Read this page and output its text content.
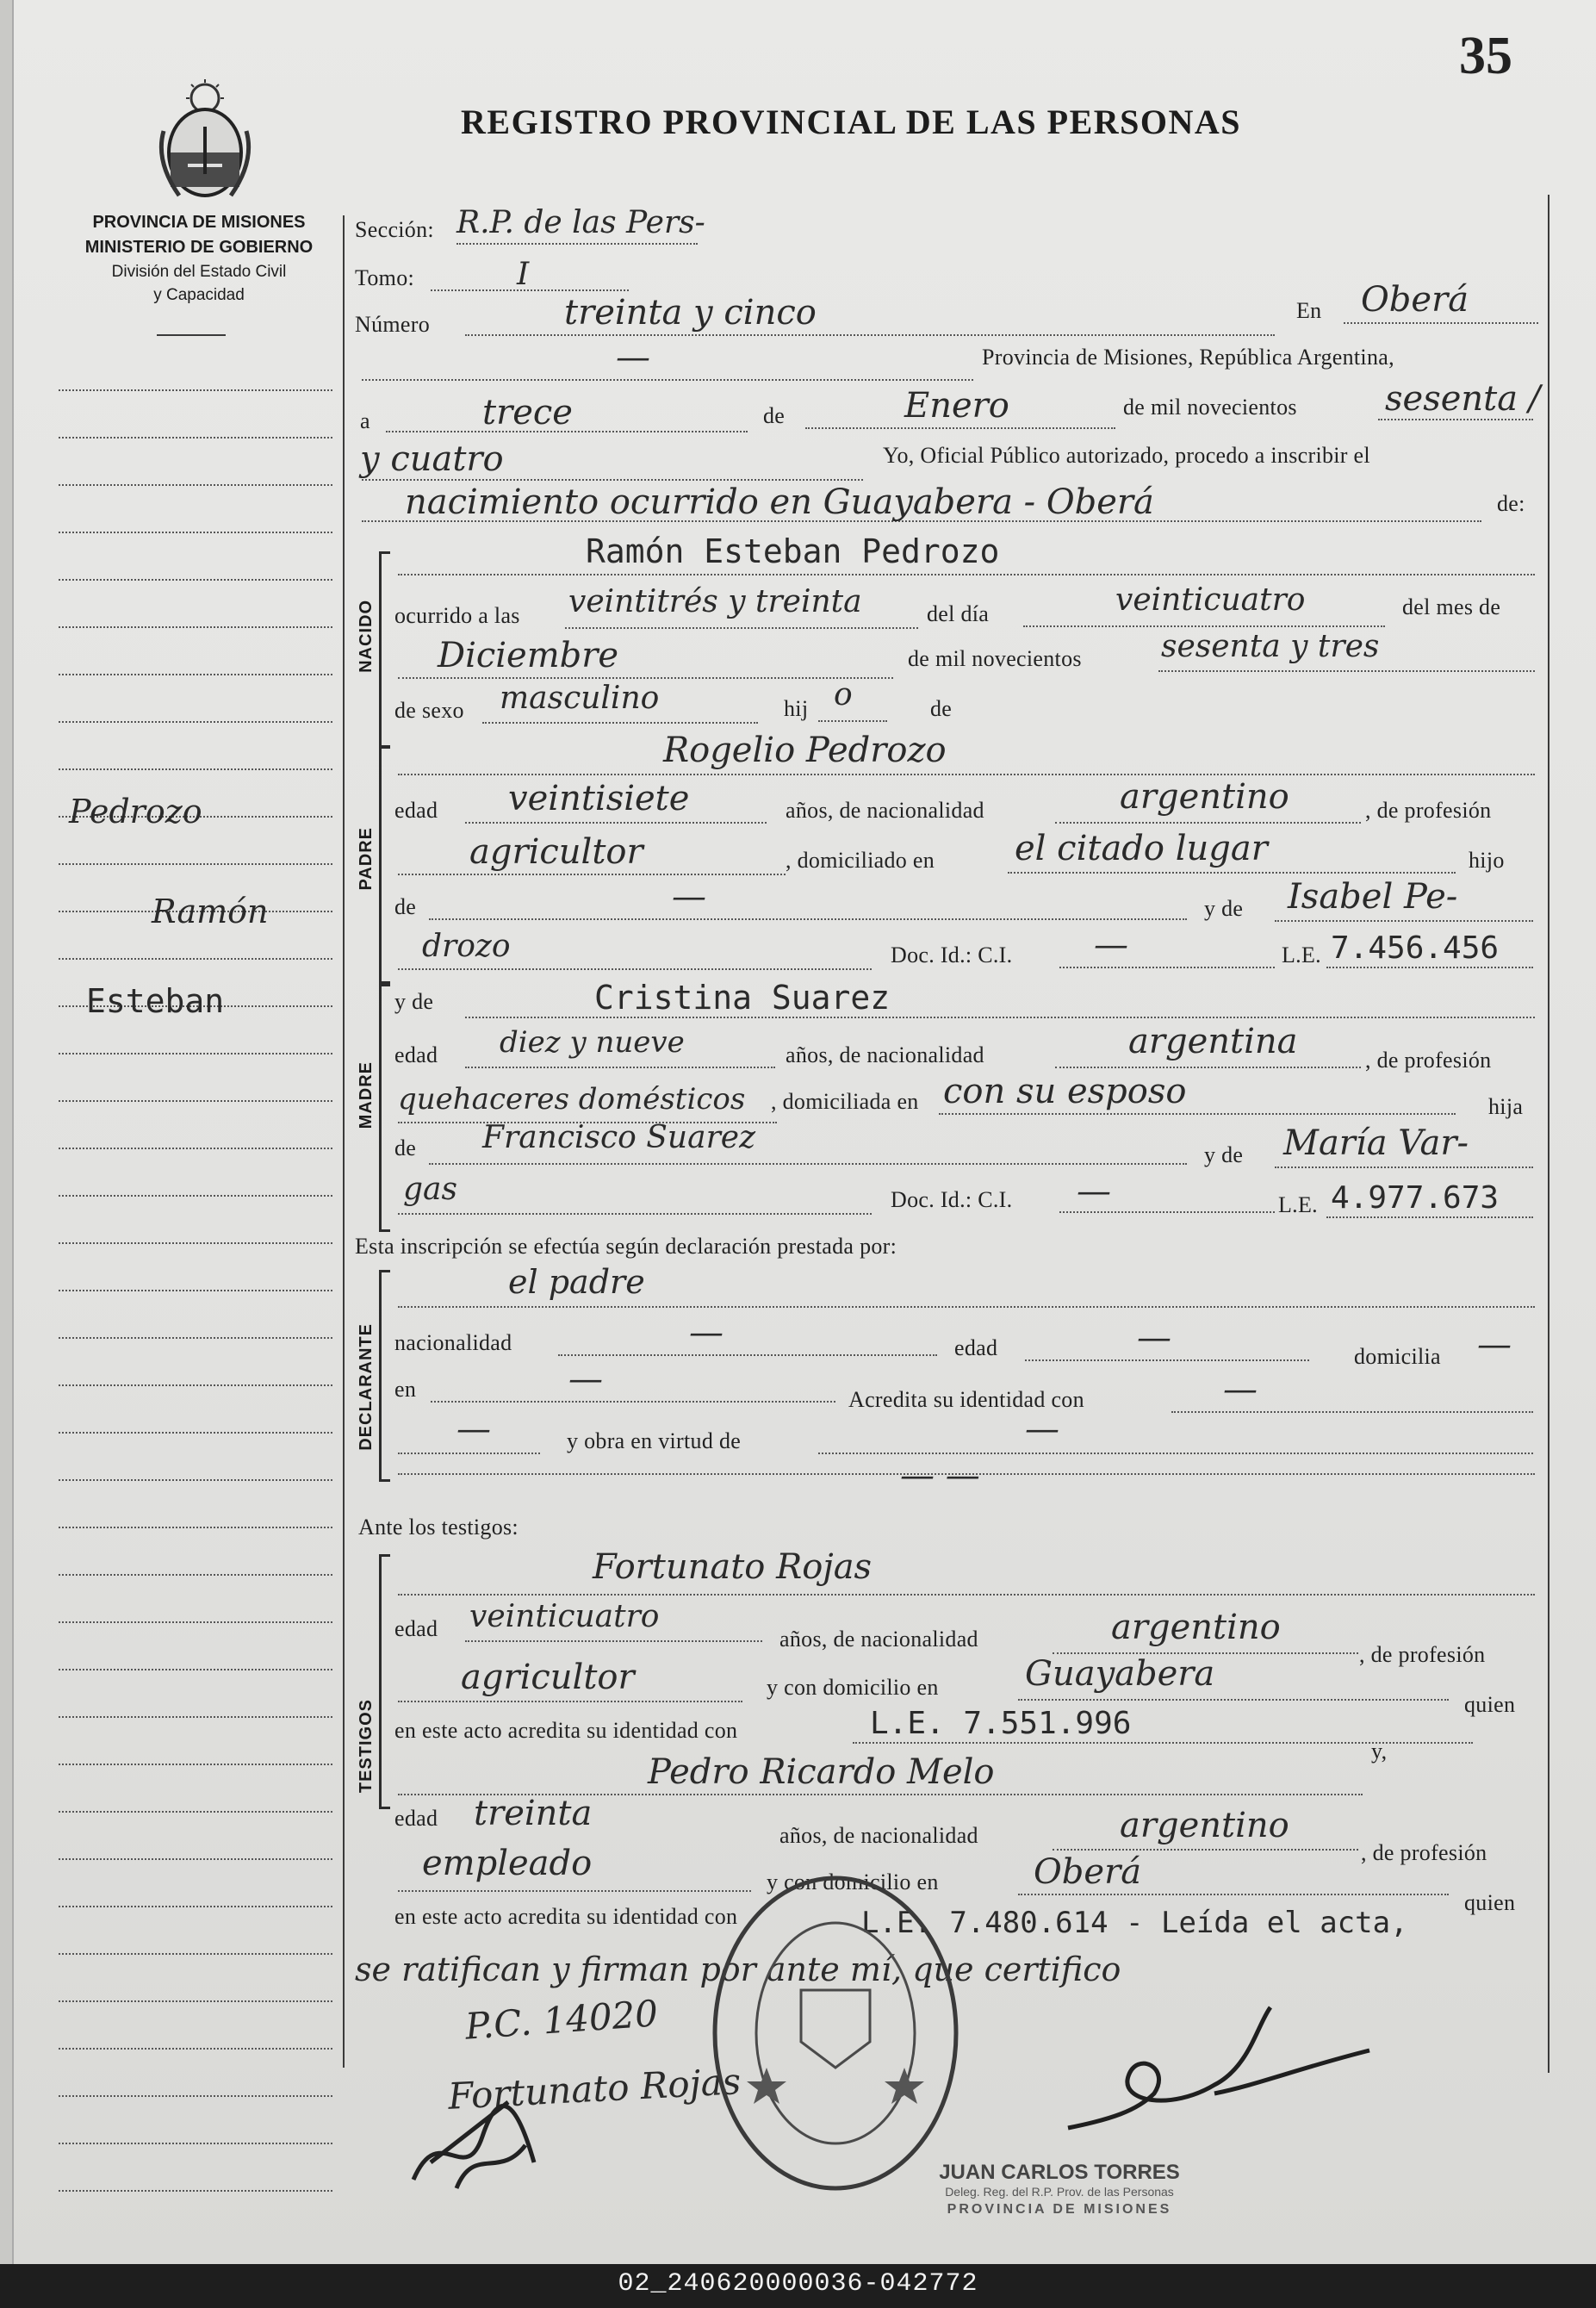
35
REGISTRO PROVINCIAL DE LAS PERSONAS
PROVINCIA DE MISIONES
MINISTERIO DE GOBIERNO
División del Estado Civil
y Capacidad
Pedrozo
Ramón
Esteban
Sección: R.P. de las Pers-
Tomo:	I
Número	treinta y cinco	En Oberá
—	Provincia de Misiones, República Argentina,
a	trece	de	Enero	de mil novecientos	sesenta /
y cuatro	Yo, Oficial Público autorizado, procedo a inscribir el
nacimiento ocurrido en Guayabera - Oberá	de:
NACIDO
Ramón Esteban Pedrozo
ocurrido a las veintitrés y treinta	del día	veinticuatro	del mes de
Diciembre	de mil novecientos	sesenta y tres
de sexo masculino	hij o	de
PADRE
Rogelio Pedrozo
edad veintisiete	años, de nacionalidad	argentino	, de profesión
agricultor	, domiciliado en el citado lugar	hijo
de	—	y de Isabel Pe-
drozo	Doc. Id.: C.I. —	L.E. 7.456.456
MADRE
y de	Cristina Suarez
edad diez y nueve	años, de nacionalidad	argentina	, de profesión
quehaceres domésticos , domiciliada en con su esposo	hija
de Francisco Suarez	y de María Var-
gas	Doc. Id.: C.I. —	L.E. 4.977.673
Esta inscripción se efectúa según declaración prestada por:
DECLARANTE
el padre
nacionalidad	—	edad	—	domicilia —
en	—
Acredita su identidad con	—
—	y obra en virtud de	—
— —
Ante los testigos:
TESTIGOS
Fortunato Rojas
edad veinticuatro
años, de nacionalidad	argentino
, de profesión
agricultor	y con domicilio en	Guayabera
quien
en este acto acredita su identidad con	L.E. 7.551.996
Pedro Ricardo Melo
y,
edad treinta
años, de nacionalidad	argentino
, de profesión
empleado	y con domicilio en	Oberá
quien
en este acto acredita su identidad con	L.E. 7.480.614 - Leída el acta,
se ratifican y firman por ante mí, que certifico
P.C. 14020
Fortunato Rojas
JUAN CARLOS TORRES
Deleg. Reg. del R.P. Prov. de las Personas
PROVINCIA DE MISIONES
02_240620000036-042772
